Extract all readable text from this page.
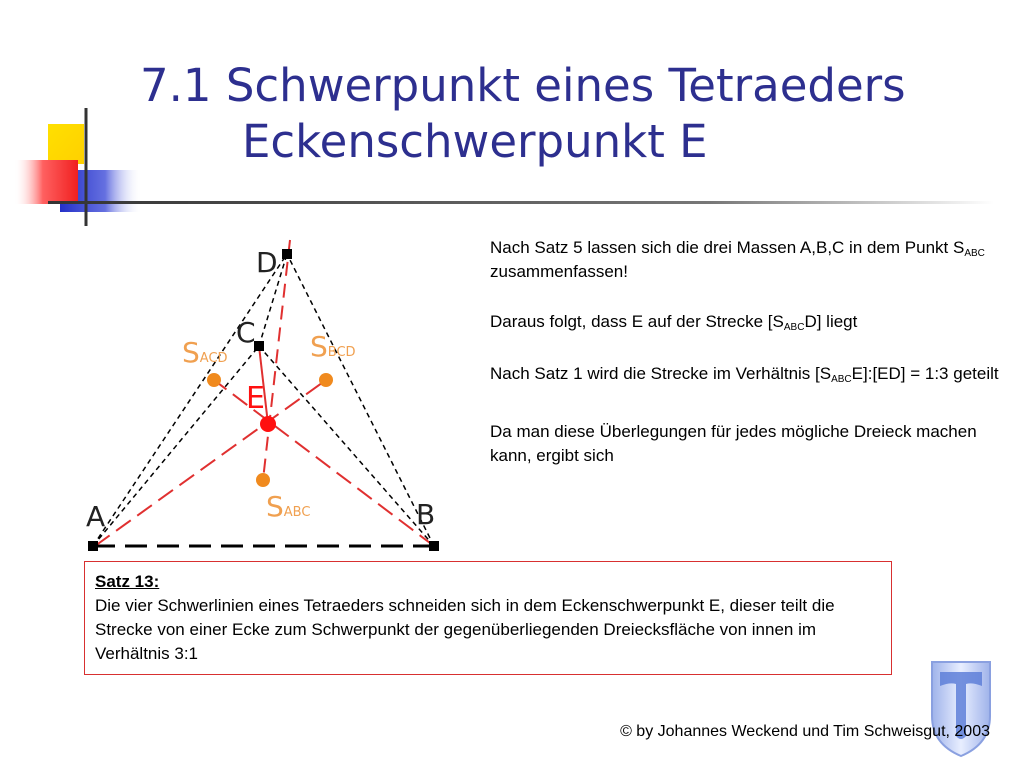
7.1 Schwerpunkt eines Tetraeders
Eckenschwerpunkt E
A	B
C
D
E
SACD	SBCD
SABC

Nach Satz 5 lassen sich die drei Massen A,B,C in dem Punkt $S_{ABC}$ zusammenfassen!

Daraus folgt, dass E auf der Strecke $[S_{ABC}D]$ liegt

Nach Satz 1 wird die Strecke im Verhältnis $[S_{ABC}E]:[ED]$ = 1:3 geteilt

Da man diese Überlegungen für jedes mögliche Dreieck machen kann, ergibt sich

Satz 13:
Die vier Schwerlinien eines Tetraeders schneiden sich in dem Eckenschwerpunkt E, dieser teilt die Strecke von einer Ecke zum Schwerpunkt der gegenüberliegenden Dreiecksfläche von innen im Verhältnis 3:1
© by Johannes Weckend und Tim Schweisgut, 2003
